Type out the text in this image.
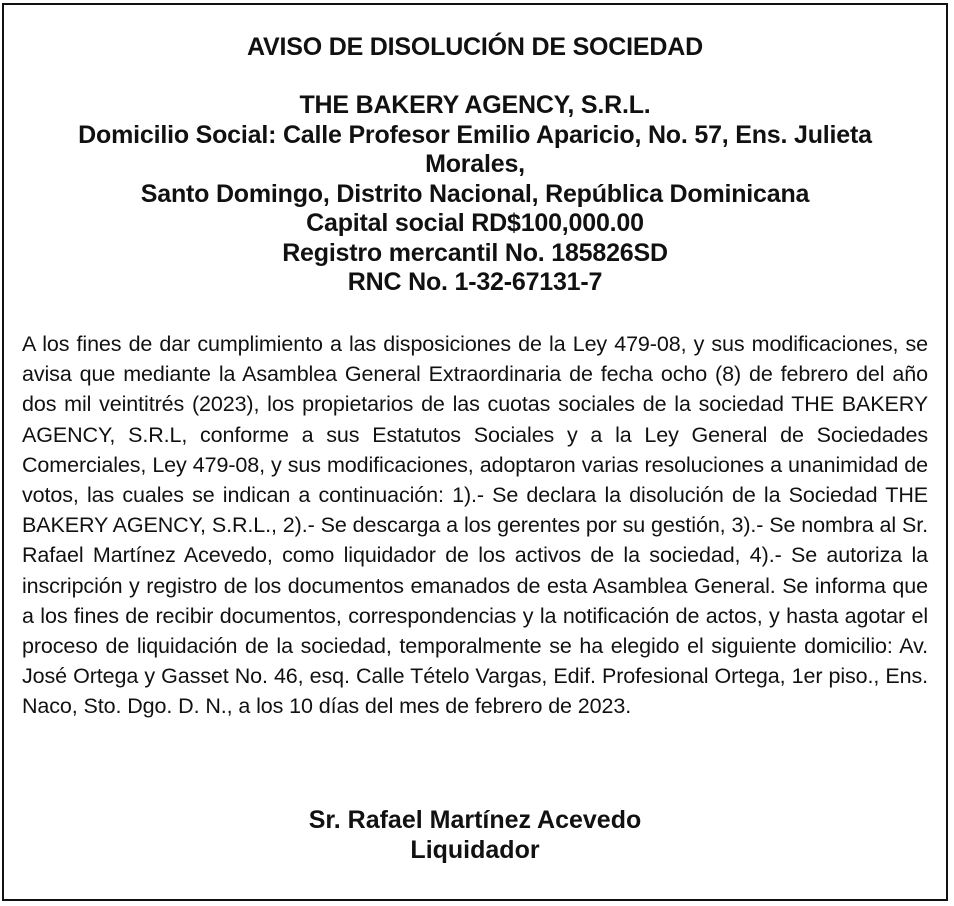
AVISO DE DISOLUCIÓN DE SOCIEDAD
THE BAKERY AGENCY, S.R.L.
Domicilio Social: Calle Profesor Emilio Aparicio, No. 57, Ens. Julieta Morales,
Santo Domingo, Distrito Nacional, República Dominicana
Capital social RD$100,000.00
Registro mercantil No. 185826SD
RNC No. 1-32-67131-7
A los fines de dar cumplimiento a las disposiciones de la Ley 479-08, y sus modificaciones, se avisa que mediante la Asamblea General Extraordinaria de fecha ocho (8) de febrero del año dos mil veintitrés (2023), los propietarios de las cuotas sociales de la sociedad THE BAKERY AGENCY, S.R.L, conforme a sus Estatutos Sociales y a la Ley General de Sociedades Comerciales, Ley 479-08, y sus modificaciones, adoptaron varias resoluciones a unanimidad de votos, las cuales se indican a continuación: 1).- Se declara la disolución de la Sociedad THE BAKERY AGENCY, S.R.L., 2).- Se descarga a los gerentes por su gestión, 3).- Se nombra al Sr. Rafael Martínez Acevedo, como liquidador de los activos de la sociedad, 4).- Se autoriza la inscripción y registro de los documentos emanados de esta Asamblea General. Se informa que a los fines de recibir documentos, correspondencias y la notificación de actos, y hasta agotar el proceso de liquidación de la sociedad, temporalmente se ha elegido el siguiente domicilio: Av. José Ortega y Gasset No. 46, esq. Calle Tételo Vargas, Edif. Profesional Ortega, 1er piso., Ens. Naco, Sto. Dgo. D. N., a los 10 días del mes de febrero de 2023.
Sr. Rafael Martínez Acevedo
Liquidador
